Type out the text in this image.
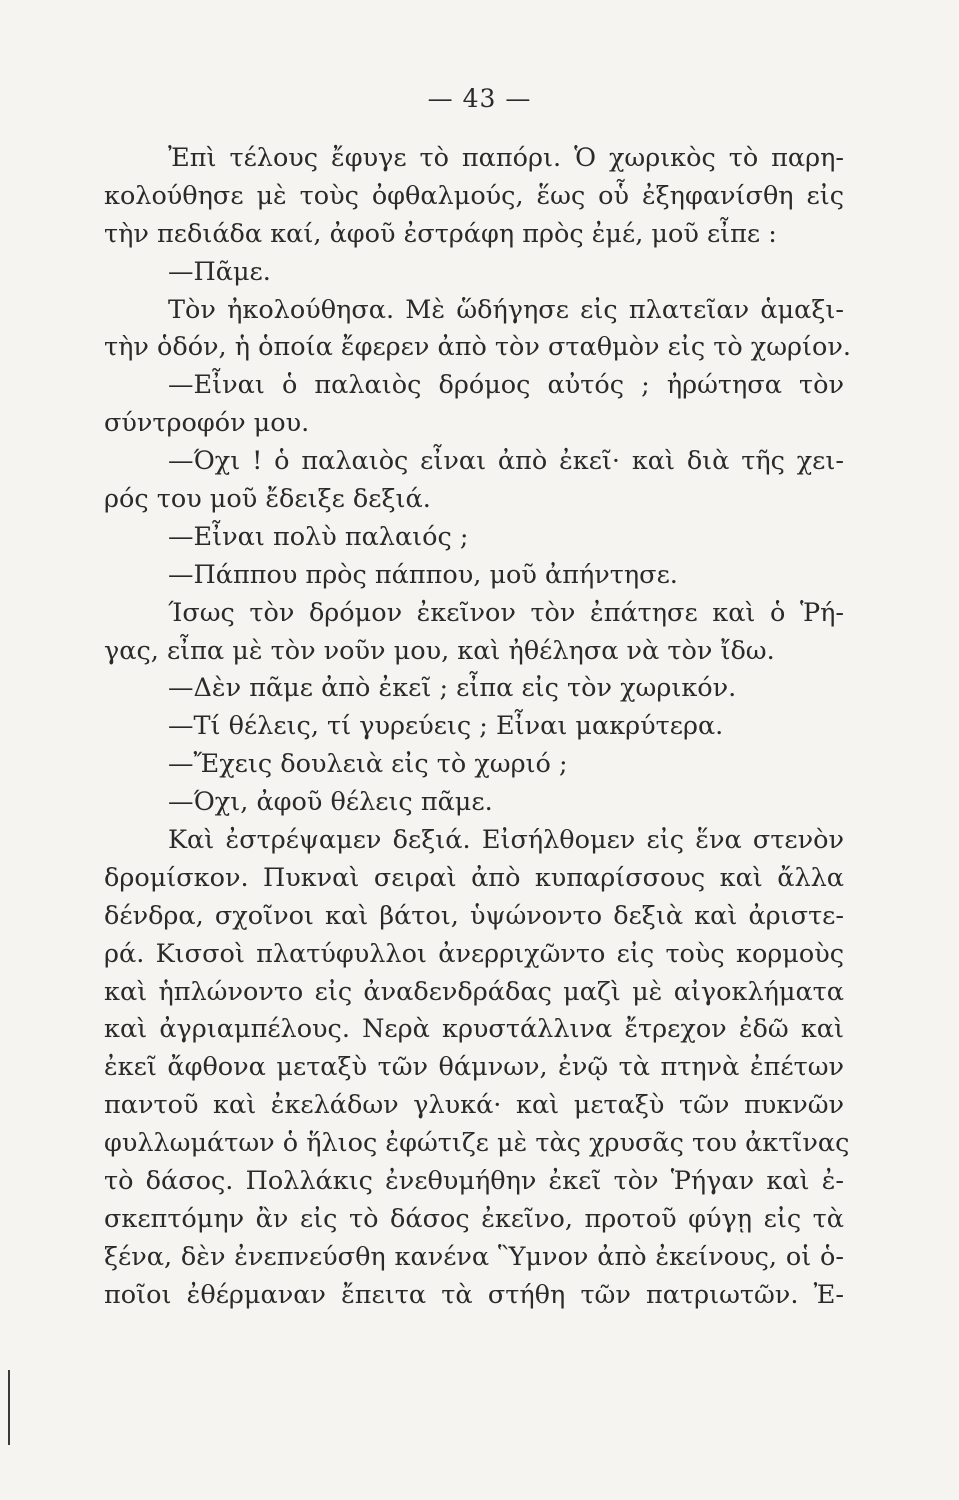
— 43 —
Ἐπὶ τέλους ἔφυγε τὸ παπόρι. Ὁ χωρικὸς τὸ παρη-
κολούθησε μὲ τοὺς ὀφθαλμούς, ἕως οὗ ἐξηφανίσθη εἰς
τὴν πεδιάδα καί, ἀφοῦ ἐστράφη πρὸς ἐμέ, μοῦ εἶπε :
—Πᾶμε.
Τὸν ἠκολούθησα. Μὲ ὥδήγησε εἰς πλατεῖαν ἁμαξι-
τὴν ὁδόν, ἡ ὁποία ἔφερεν ἀπὸ τὸν σταθμὸν εἰς τὸ χωρίον.
—Εἶναι ὁ παλαιὸς δρόμος αὐτός ; ἠρώτησα τὸν
σύντροφόν μου.
—Όχι ! ὁ παλαιὸς εἶναι ἀπὸ ἐκεῖ· καὶ διὰ τῆς χει-
ρός του μοῦ ἔδειξε δεξιά.
—Εἶναι πολὺ παλαιός ;
—Πάππου πρὸς πάππου, μοῦ ἀπήντησε.
Ίσως τὸν δρόμον ἐκεῖνον τὸν ἐπάτησε καὶ ὁ Ῥή-
γας, εἶπα μὲ τὸν νοῦν μου, καὶ ἠθέλησα νὰ τὸν ἴδω.
—Δὲν πᾶμε ἀπὸ ἐκεῖ ; εἶπα εἰς τὸν χωρικόν.
—Τί θέλεις, τί γυρεύεις ; Εἶναι μακρύτερα.
—Ἔχεις δουλειὰ εἰς τὸ χωριό ;
—Όχι, ἀφοῦ θέλεις πᾶμε.
Καὶ ἐστρέψαμεν δεξιά. Εἰσήλθομεν εἰς ἕνα στενὸν
δρομίσκον. Πυκναὶ σειραὶ ἀπὸ κυπαρίσσους καὶ ἄλλα
δένδρα, σχοῖνοι καὶ βάτοι, ὑψώνοντο δεξιὰ καὶ ἀριστε-
ρά. Κισσοὶ πλατύφυλλοι ἀνερριχῶντο εἰς τοὺς κορμοὺς
καὶ ἡπλώνοντο εἰς ἀναδενδράδας μαζὶ μὲ αἰγοκλήματα
καὶ ἀγριαμπέλους. Νερὰ κρυστάλλινα ἔτρεχον ἐδῶ καὶ
ἐκεῖ ἄφθονα μεταξὺ τῶν θάμνων, ἐνῷ τὰ πτηνὰ ἐπέτων
παντοῦ καὶ ἐκελάδων γλυκά· καὶ μεταξὺ τῶν πυκνῶν
φυλλωμάτων ὁ ἥλιος ἐφώτιζε μὲ τὰς χρυσᾶς του ἀκτῖνας
τὸ δάσος. Πολλάκις ἐνεθυμήθην ἐκεῖ τὸν Ῥήγαν καὶ ἐ-
σκεπτόμην ἂν εἰς τὸ δάσος ἐκεῖνο, προτοῦ φύγῃ εἰς τὰ
ξένα, δὲν ἐνεπνεύσθη κανένα Ὓμνον ἀπὸ ἐκείνους, οἱ ὁ-
ποῖοι ἐθέρμαναν ἔπειτα τὰ στήθη τῶν πατριωτῶν. Ἐ-
